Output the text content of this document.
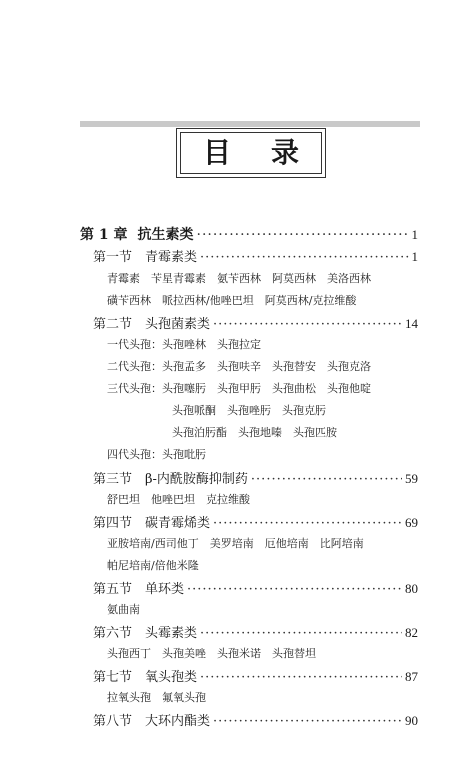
目 录
第 1 章 抗生素类 ·····	1
第一节 青霉素类 ·····	1
青霉素　苄星青霉素　氨苄西林　阿莫西林　美洛西林
磺苄西林　哌拉西林/他唑巴坦　阿莫西林/克拉维酸
第二节 头孢菌素类 ·····	14
一代头孢：头孢唑林　头孢拉定
二代头孢：头孢孟多　头孢呋辛　头孢替安　头孢克洛
三代头孢：头孢噻肟　头孢甲肟　头孢曲松　头孢他啶
头孢哌酮　头孢唑肟　头孢克肟
头孢泊肟酯　头孢地嗪　头孢匹胺
四代头孢：头孢吡肟
第三节 β-内酰胺酶抑制药 ·····	59
舒巴坦　他唑巴坦　克拉维酸
第四节 碳青霉烯类 ·····	69
亚胺培南/西司他丁　美罗培南　厄他培南　比阿培南
帕尼培南/倍他米隆
第五节 单环类 ·····	80
氨曲南
第六节 头霉素类 ·····	82
头孢西丁　头孢美唑　头孢米诺　头孢替坦
第七节 氧头孢类 ·····	87
拉氧头孢　氟氧头孢
第八节 大环内酯类 ·····	90
